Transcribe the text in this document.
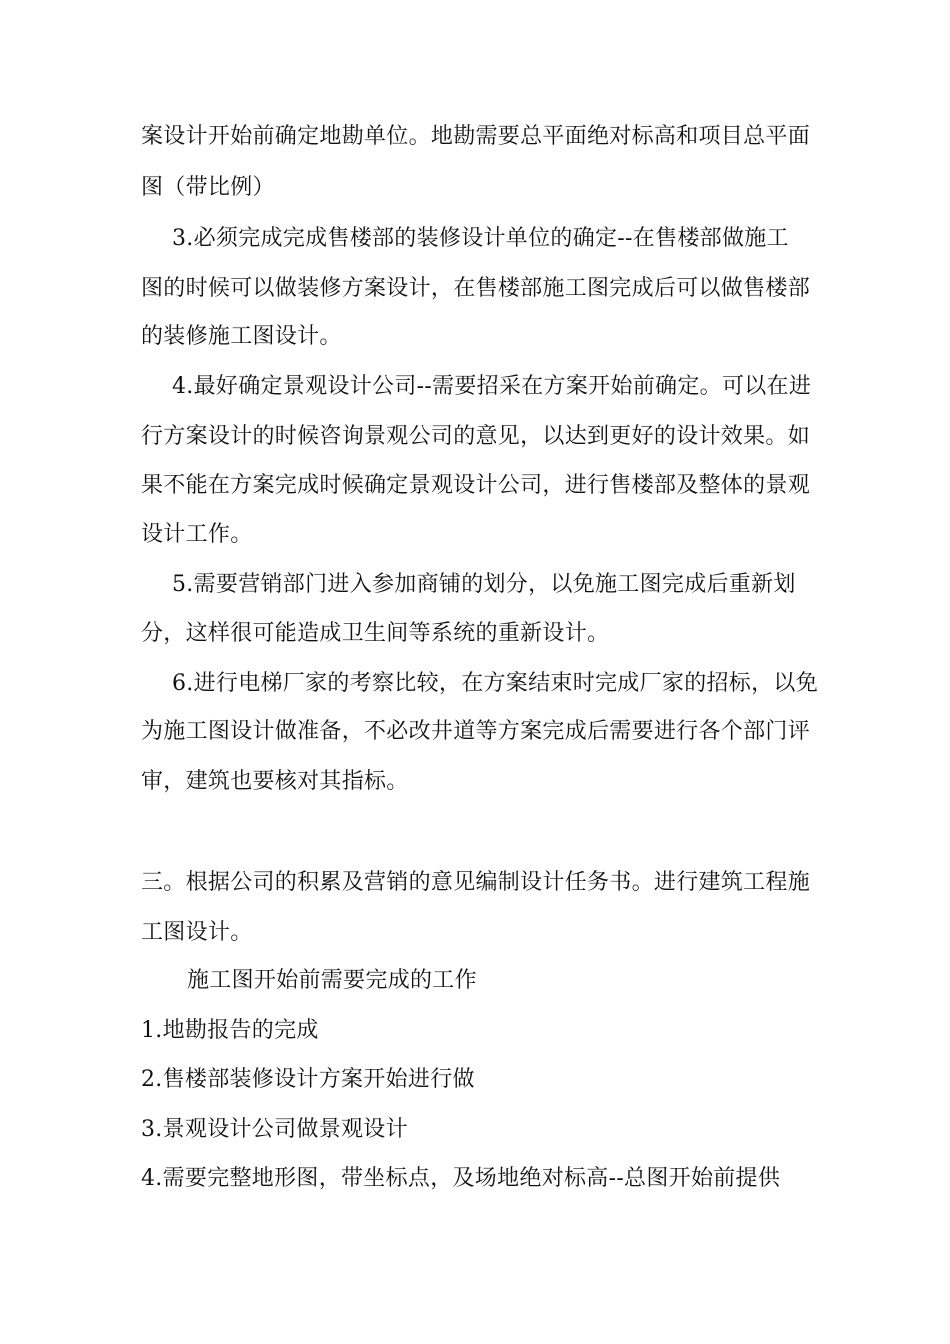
案设计开始前确定地勘单位。地勘需要总平面绝对标高和项目总平面
图（带比例）
3.必须完成完成售楼部的装修设计单位的确定--在售楼部做施工
图的时候可以做装修方案设计，在售楼部施工图完成后可以做售楼部
的装修施工图设计。
4.最好确定景观设计公司--需要招采在方案开始前确定。可以在进
行方案设计的时候咨询景观公司的意见，以达到更好的设计效果。如
果不能在方案完成时候确定景观设计公司，进行售楼部及整体的景观
设计工作。
5.需要营销部门进入参加商铺的划分，以免施工图完成后重新划
分，这样很可能造成卫生间等系统的重新设计。
6.进行电梯厂家的考察比较，在方案结束时完成厂家的招标，以免
为施工图设计做准备，不必改井道等方案完成后需要进行各个部门评
审，建筑也要核对其指标。
三。根据公司的积累及营销的意见编制设计任务书。进行建筑工程施
工图设计。
施工图开始前需要完成的工作
1.地勘报告的完成
2.售楼部装修设计方案开始进行做
3.景观设计公司做景观设计
4.需要完整地形图，带坐标点，及场地绝对标高--总图开始前提供
